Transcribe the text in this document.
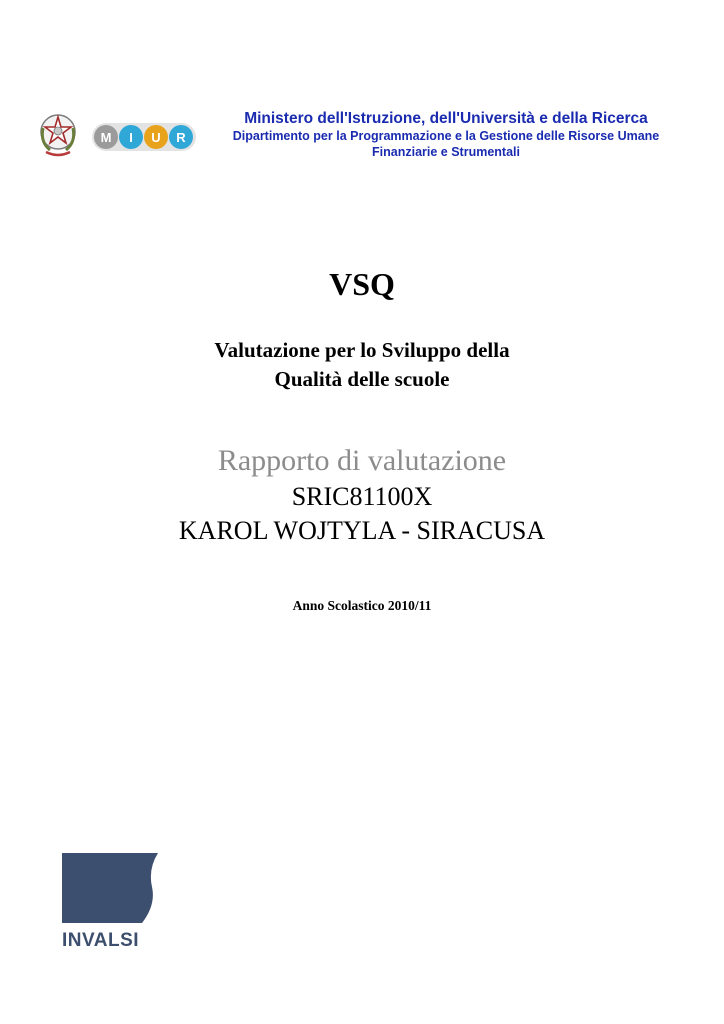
M I U R
Ministero dell'Istruzione, dell'Università e della Ricerca
Dipartimento per la Programmazione e la Gestione delle Risorse Umane
Finanziarie e Strumentali
VSQ
Valutazione per lo Sviluppo della
Qualità delle scuole
Rapporto di valutazione
SRIC81100X
KAROL WOJTYLA - SIRACUSA
Anno Scolastico 2010/11
INVALSI
